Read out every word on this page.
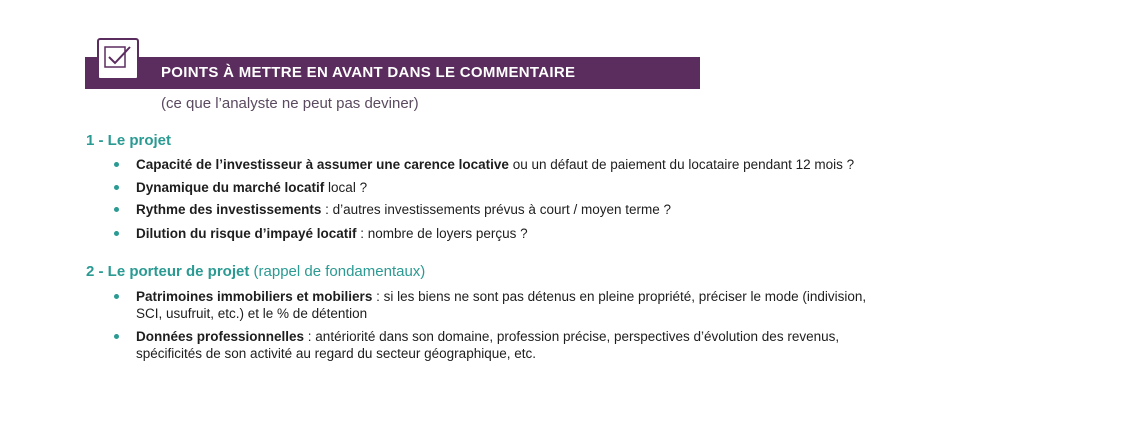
POINTS À METTRE EN AVANT DANS LE COMMENTAIRE
(ce que l’analyste ne peut pas deviner)
1 - Le projet
Capacité de l’investisseur à assumer une carence locative ou un défaut de paiement du locataire pendant 12 mois ?
Dynamique du marché locatif local ?
Rythme des investissements : d’autres investissements prévus à court / moyen terme ?
Dilution du risque d’impayé locatif : nombre de loyers perçus ?
2 - Le porteur de projet (rappel de fondamentaux)
Patrimoines immobiliers et mobiliers : si les biens ne sont pas détenus en pleine propriété, préciser le mode (indivision,
SCI, usufruit, etc.) et le % de détention
Données professionnelles : antériorité dans son domaine, profession précise, perspectives d’évolution des revenus,
spécificités de son activité au regard du secteur géographique, etc.
